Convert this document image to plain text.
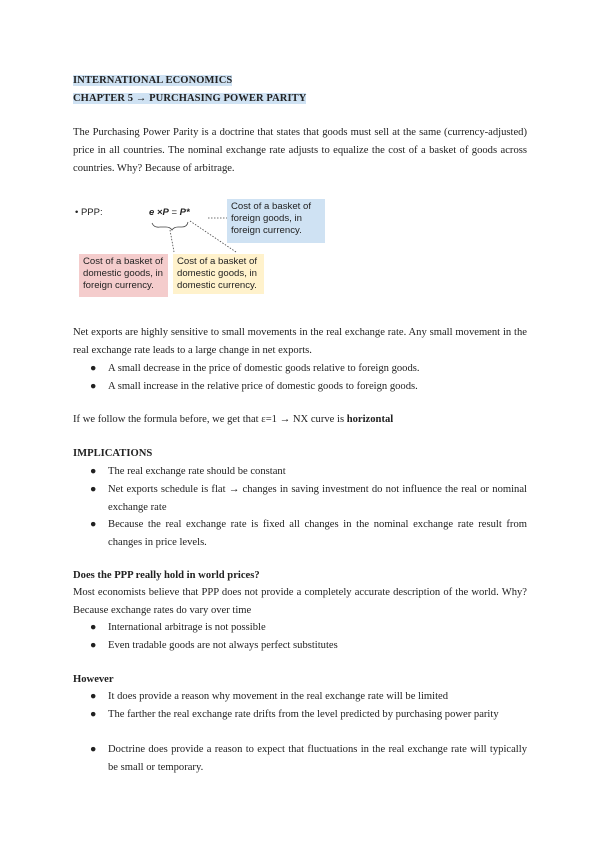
INTERNATIONAL ECONOMICS
CHAPTER 5 → PURCHASING POWER PARITY
The Purchasing Power Parity is a doctrine that states that goods must sell at the same (currency-adjusted) price in all countries. The nominal exchange rate adjusts to equalize the cost of a basket of goods across countries. Why? Because of arbitrage.
• PPP:	e ×P = P*
Cost of a basket of foreign goods, in foreign currency.
Cost of a basket of domestic goods, in foreign currency.
Cost of a basket of domestic goods, in domestic currency.
Net exports are highly sensitive to small movements in the real exchange rate. Any small movement in the real exchange rate leads to a large change in net exports.
● A small decrease in the price of domestic goods relative to foreign goods.
● A small increase in the relative price of domestic goods to foreign goods.
If we follow the formula before, we get that ε=1 → NX curve is horizontal
IMPLICATIONS
● The real exchange rate should be constant
● Net exports schedule is flat → changes in saving investment do not influence the real or nominal exchange rate
● Because the real exchange rate is fixed all changes in the nominal exchange rate result from changes in price levels.
Does the PPP really hold in world prices?
Most economists believe that PPP does not provide a completely accurate description of the world. Why? Because exchange rates do vary over time
● International arbitrage is not possible
● Even tradable goods are not always perfect substitutes
However
● It does provide a reason why movement in the real exchange rate will be limited
● The farther the real exchange rate drifts from the level predicted by purchasing power parity
● Doctrine does provide a reason to expect that fluctuations in the real exchange rate will typically be small or temporary.
